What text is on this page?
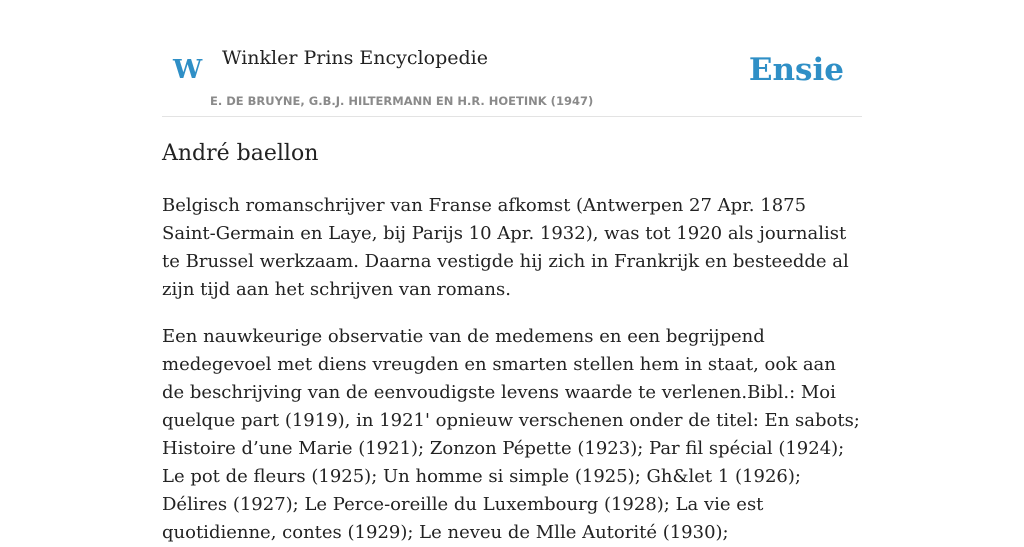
W Winkler Prins Encyclopedie
E. DE BRUYNE, G.B.J. HILTERMANN EN H.R. HOETINK (1947)
Ensie
André baellon

Belgisch romanschrijver van Franse afkomst (Antwerpen 27 Apr. 1875 Saint-Germain en Laye, bij Parijs 10 Apr. 1932), was tot 1920 als journalist te Brussel werkzaam. Daarna vestigde hij zich in Frankrijk en besteedde al zijn tijd aan het schrijven van romans.

Een nauwkeurige observatie van de medemens en een begrijpend medegevoel met diens vreugden en smarten stellen hem in staat, ook aan de beschrijving van de eenvoudigste levens waarde te verlenen.Bibl.: Moi quelque part (1919), in 1921' opnieuw verschenen onder de titel: En sabots; Histoire d’une Marie (1921); Zonzon Pépette (1923); Par fil spécial (1924); Le pot de fleurs (1925); Un homme si simple (1925); Gh&let 1 (1926); Délires (1927); Le Perce-oreille du Luxembourg (1928); La vie est quotidienne, contes (1929); Le neveu de Mlle Autorité (1930);
